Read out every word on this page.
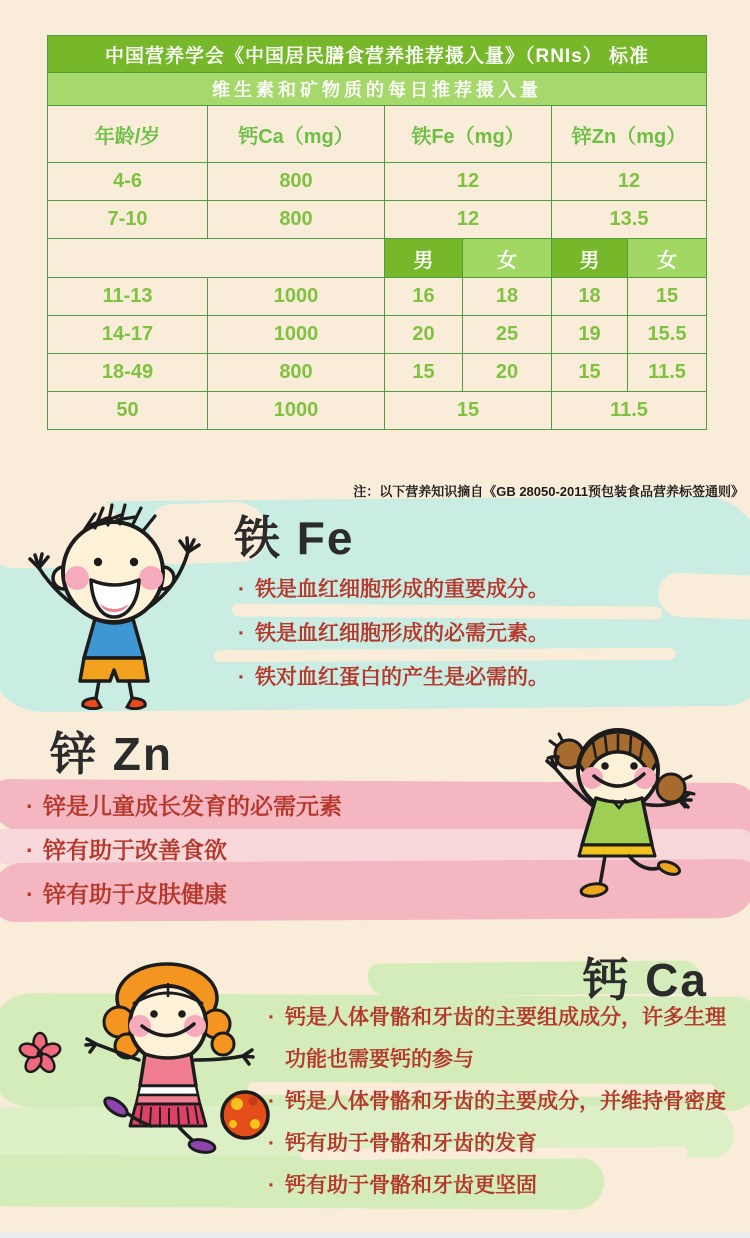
中国营养学会《中国居民膳食营养推荐摄入量》（RNIs） 标准					
维生素和矿物质的每日推荐摄入量					
年龄/岁	钙Ca（mg）	铁Fe（mg）		锌Zn（mg）	
4-6	800	12		12	
7-10	800	12		13.5	
		男	女	男	女
11-13	1000	16	18	18	15
14-17	1000	20	25	19	15.5
18-49	800	15	20	15	11.5
50	1000	15		11.5	
注：以下营养知识摘自《GB 28050-2011预包装食品营养标签通则》
铁 Fe
· 铁是血红细胞形成的重要成分。
· 铁是血红细胞形成的必需元素。
· 铁对血红蛋白的产生是必需的。
锌 Zn
· 锌是儿童成长发育的必需元素
· 锌有助于改善食欲
· 锌有助于皮肤健康
钙 Ca
· 钙是人体骨骼和牙齿的主要组成成分，许多生理功能也需要钙的参与
· 钙是人体骨骼和牙齿的主要成分，并维持骨密度
· 钙有助于骨骼和牙齿的发育
· 钙有助于骨骼和牙齿更坚固
